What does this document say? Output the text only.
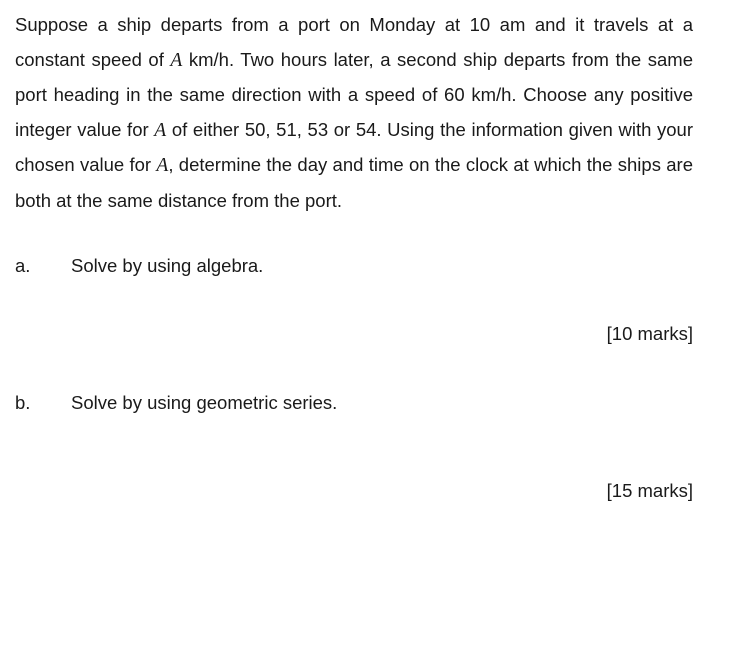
Suppose a ship departs from a port on Monday at 10 am and it travels at a constant speed of A km/h. Two hours later, a second ship departs from the same port heading in the same direction with a speed of 60 km/h. Choose any positive integer value for A of either 50, 51, 53 or 54. Using the information given with your chosen value for A, determine the day and time on the clock at which the ships are both at the same distance from the port.
a. Solve by using algebra.
[10 marks]
b. Solve by using geometric series.
[15 marks]
